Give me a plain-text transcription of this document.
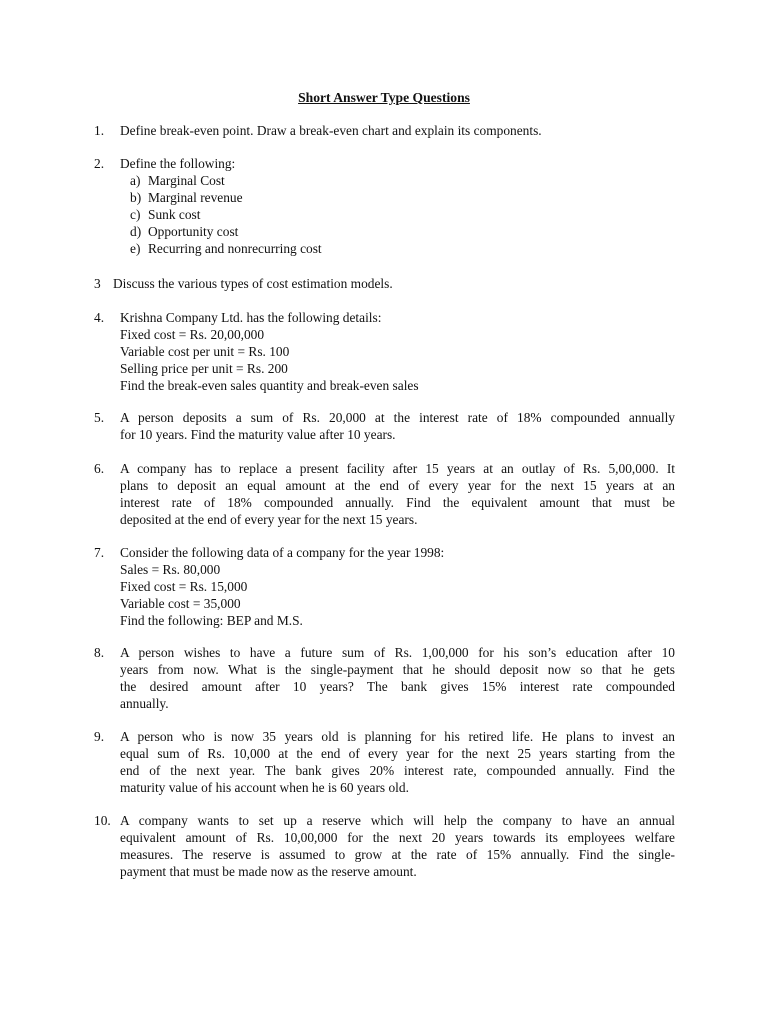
Short Answer Type Questions
1. Define break-even point. Draw a break-even chart and explain its components.
2. Define the following:
a) Marginal Cost
b) Marginal revenue
c) Sunk cost
d) Opportunity cost
e) Recurring and nonrecurring cost
3 Discuss the various types of cost estimation models.
4. Krishna Company Ltd. has the following details:
Fixed cost = Rs. 20,00,000
Variable cost per unit = Rs. 100
Selling price per unit = Rs. 200
Find the break-even sales quantity and break-even sales
5. A person deposits a sum of Rs. 20,000 at the interest rate of 18% compounded annually
for 10 years. Find the maturity value after 10 years.
6. A company has to replace a present facility after 15 years at an outlay of Rs. 5,00,000. It
plans to deposit an equal amount at the end of every year for the next 15 years at an
interest rate of 18% compounded annually. Find the equivalent amount that must be
deposited at the end of every year for the next 15 years.
7. Consider the following data of a company for the year 1998:
Sales = Rs. 80,000
Fixed cost = Rs. 15,000
Variable cost = 35,000
Find the following: BEP and M.S.
8. A person wishes to have a future sum of Rs. 1,00,000 for his son’s education after 10
years from now. What is the single-payment that he should deposit now so that he gets
the desired amount after 10 years? The bank gives 15% interest rate compounded
annually.
9. A person who is now 35 years old is planning for his retired life. He plans to invest an
equal sum of Rs. 10,000 at the end of every year for the next 25 years starting from the
end of the next year. The bank gives 20% interest rate, compounded annually. Find the
maturity value of his account when he is 60 years old.
10. A company wants to set up a reserve which will help the company to have an annual
equivalent amount of Rs. 10,00,000 for the next 20 years towards its employees welfare
measures. The reserve is assumed to grow at the rate of 15% annually. Find the single-
payment that must be made now as the reserve amount.
